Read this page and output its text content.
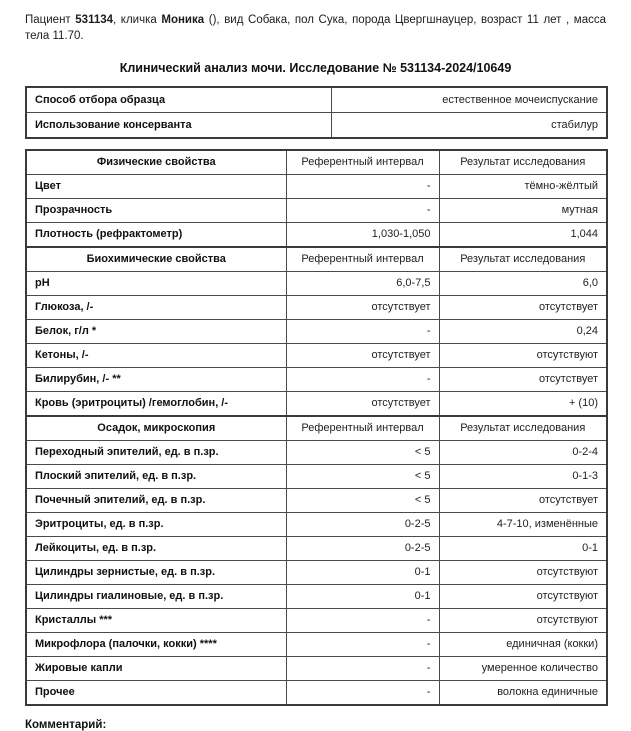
Пациент 531134, кличка Моника (), вид Собака, пол Сука, порода Цвергшнауцер, возраст 11 лет , масса тела 11.70.

Клинический анализ мочи. Исследование № 531134-2024/10649
Способ отбора образца	естественное мочеиспускание
Использование консерванта	стабилур
Физические свойства	Референтный интервал	Результат исследования
Цвет	-	тёмно-жёлтый
Прозрачность	-	мутная
Плотность (рефрактометр)	1,030-1,050	1,044
Биохимические свойства	Референтный интервал	Результат исследования
pH	6,0-7,5	6,0
Глюкоза, /-	отсутствует	отсутствует
Белок, г/л *	-	0,24
Кетоны, /-	отсутствует	отсутствуют
Билирубин, /- **	-	отсутствует
Кровь (эритроциты) /гемоглобин, /-	отсутствует	+ (10)
Осадок, микроскопия	Референтный интервал	Результат исследования
Переходный эпителий, ед. в п.зр.	< 5	0-2-4
Плоский эпителий, ед. в п.зр.	< 5	0-1-3
Почечный эпителий, ед. в п.зр.	< 5	отсутствует
Эритроциты, ед. в п.зр.	0-2-5	4-7-10, изменённые
Лейкоциты, ед. в п.зр.	0-2-5	0-1
Цилиндры зернистые, ед. в п.зр.	0-1	отсутствуют
Цилиндры гиалиновые, ед. в п.зр.	0-1	отсутствуют
Кристаллы ***	-	отсутствуют
Микрофлора (палочки, кокки) ****	-	единичная (кокки)
Жировые капли	-	умеренное количество
Прочее	-	волокна единичные
Комментарий:
